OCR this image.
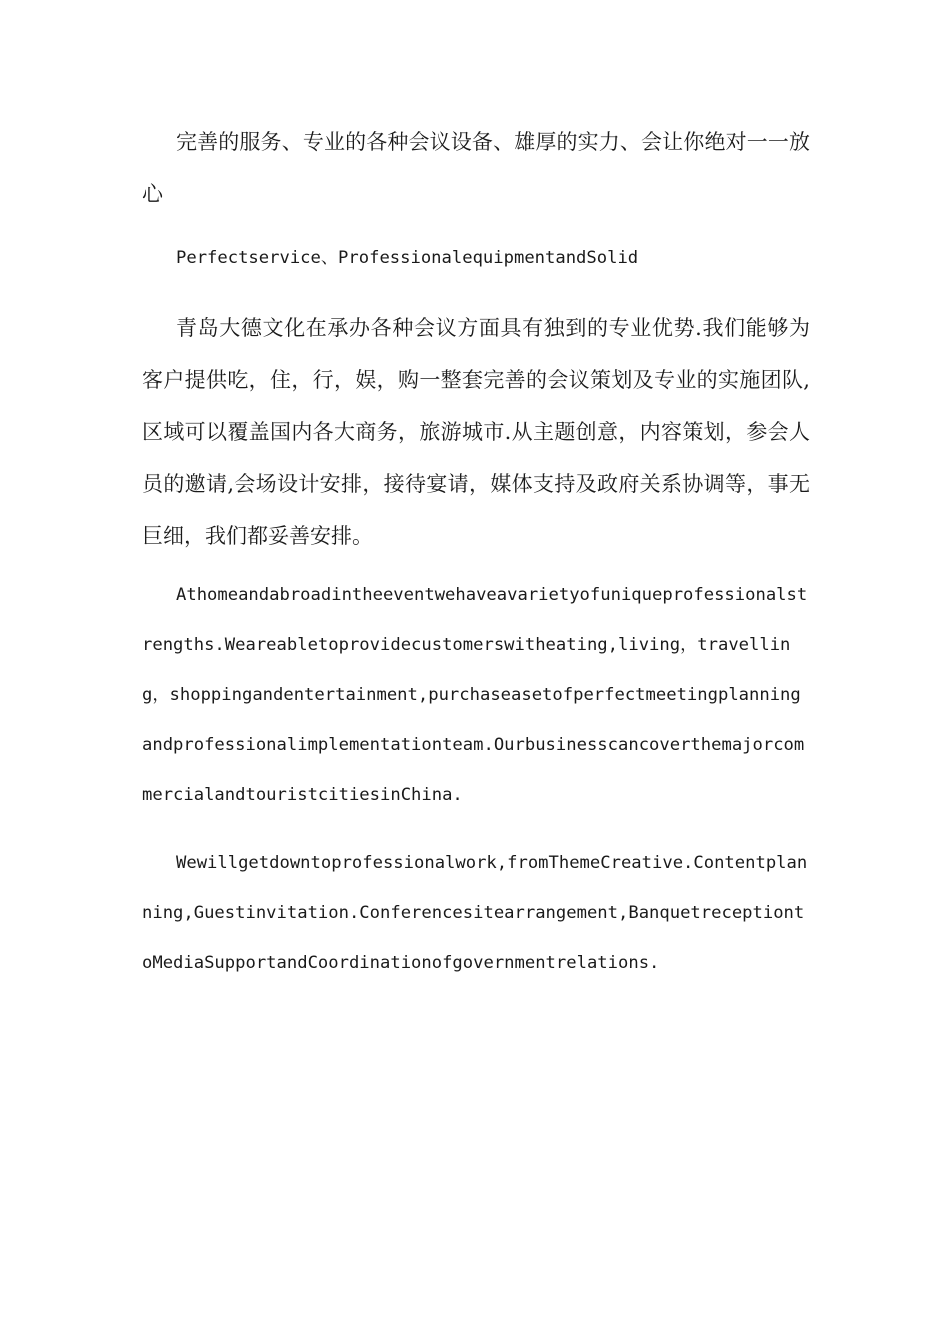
完善的服务、专业的各种会议设备、雄厚的实力、会让你绝对一一放心

Perfectservice、ProfessionalequipmentandSolid

青岛大德文化在承办各种会议方面具有独到的专业优势.我们能够为客户提供吃，住，行，娱，购一整套完善的会议策划及专业的实施团队,区域可以覆盖国内各大商务，旅游城市.从主题创意，内容策划，参会人员的邀请,会场设计安排，接待宴请，媒体支持及政府关系协调等，事无巨细，我们都妥善安排。

Athomeandabroadintheeventwehaveavarietyofuniqueprofessionalstrengths.Weareabletoprovidecustomerswitheating,living，travelling，shoppingandentertainment,purchaseasetofperfectmeetingplanningandprofessionalimplementationteam.OurbusinesscancoverthemajorcommercialandtouristcitiesinChina.

Wewillgetdowntoprofessionalwork,fromThemeCreative.Contentplanning,Guestinvitation.Conferencesitearrangement,BanquetreceptiontoMediaSupportandCoordinationofgovernmentrelations.
